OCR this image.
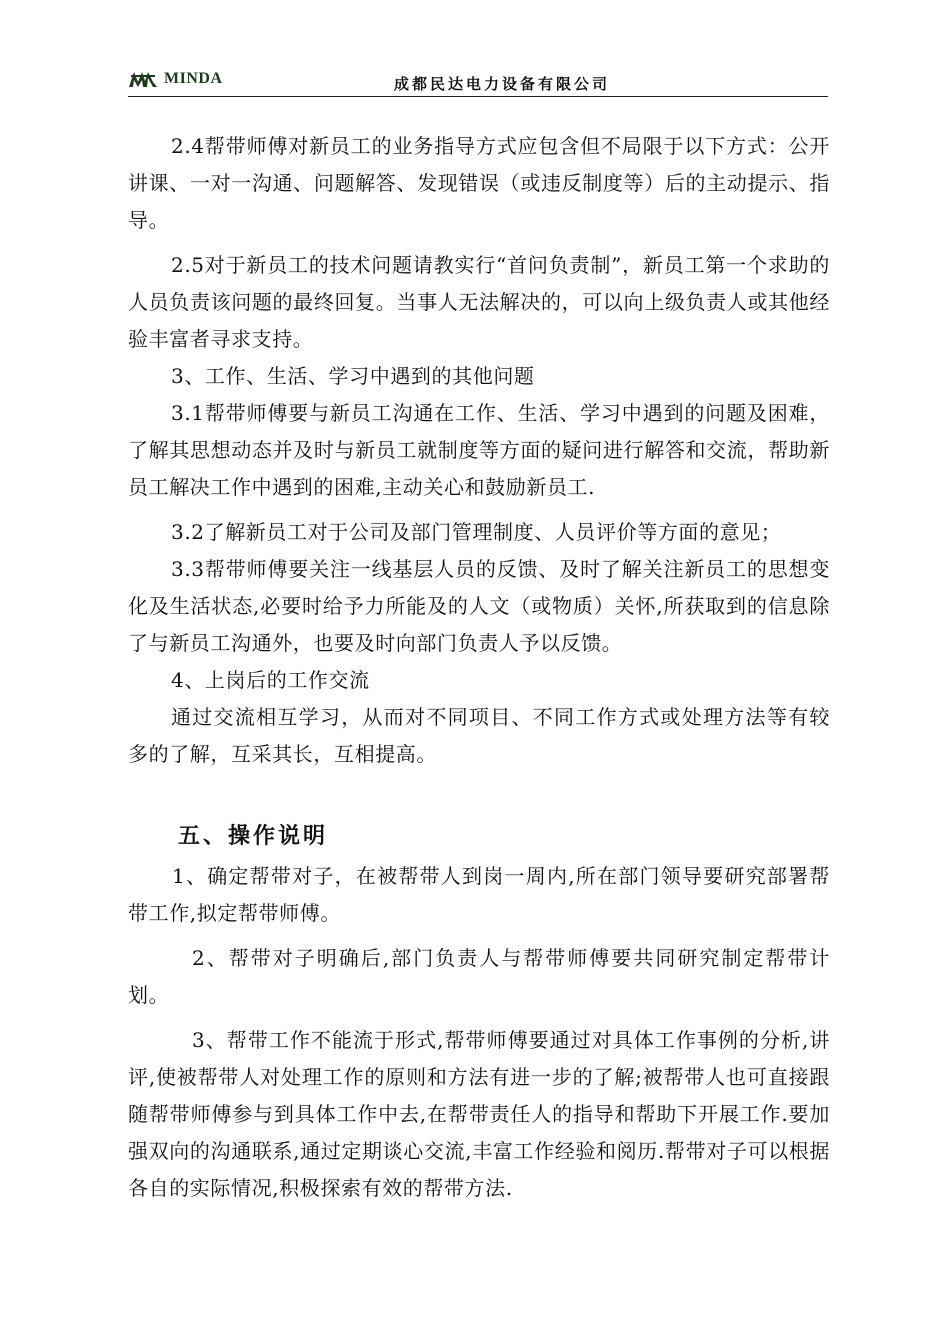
MINDA	成都民达电力设备有限公司

2.4帮带师傅对新员工的业务指导方式应包含但不局限于以下方式：公开讲课、一对一沟通、问题解答、发现错误（或违反制度等）后的主动提示、指导。

2.5对于新员工的技术问题请教实行“首问负责制”，新员工第一个求助的人员负责该问题的最终回复。当事人无法解决的，可以向上级负责人或其他经验丰富者寻求支持。

3、工作、生活、学习中遇到的其他问题

3.1帮带师傅要与新员工沟通在工作、生活、学习中遇到的问题及困难，了解其思想动态并及时与新员工就制度等方面的疑问进行解答和交流，帮助新员工解决工作中遇到的困难,主动关心和鼓励新员工.

3.2了解新员工对于公司及部门管理制度、人员评价等方面的意见；

3.3帮带师傅要关注一线基层人员的反馈、及时了解关注新员工的思想变化及生活状态,必要时给予力所能及的人文（或物质）关怀,所获取到的信息除了与新员工沟通外，也要及时向部门负责人予以反馈。

4、上岗后的工作交流

通过交流相互学习，从而对不同项目、不同工作方式或处理方法等有较多的了解，互采其长，互相提高。

五、操作说明

1、确定帮带对子，在被帮带人到岗一周内,所在部门领导要研究部署帮带工作,拟定帮带师傅。

2、帮带对子明确后,部门负责人与帮带师傅要共同研究制定帮带计划。

3、帮带工作不能流于形式,帮带师傅要通过对具体工作事例的分析,讲评,使被帮带人对处理工作的原则和方法有进一步的了解;被帮带人也可直接跟随帮带师傅参与到具体工作中去,在帮带责任人的指导和帮助下开展工作.要加强双向的沟通联系,通过定期谈心交流,丰富工作经验和阅历.帮带对子可以根据各自的实际情况,积极探索有效的帮带方法.
